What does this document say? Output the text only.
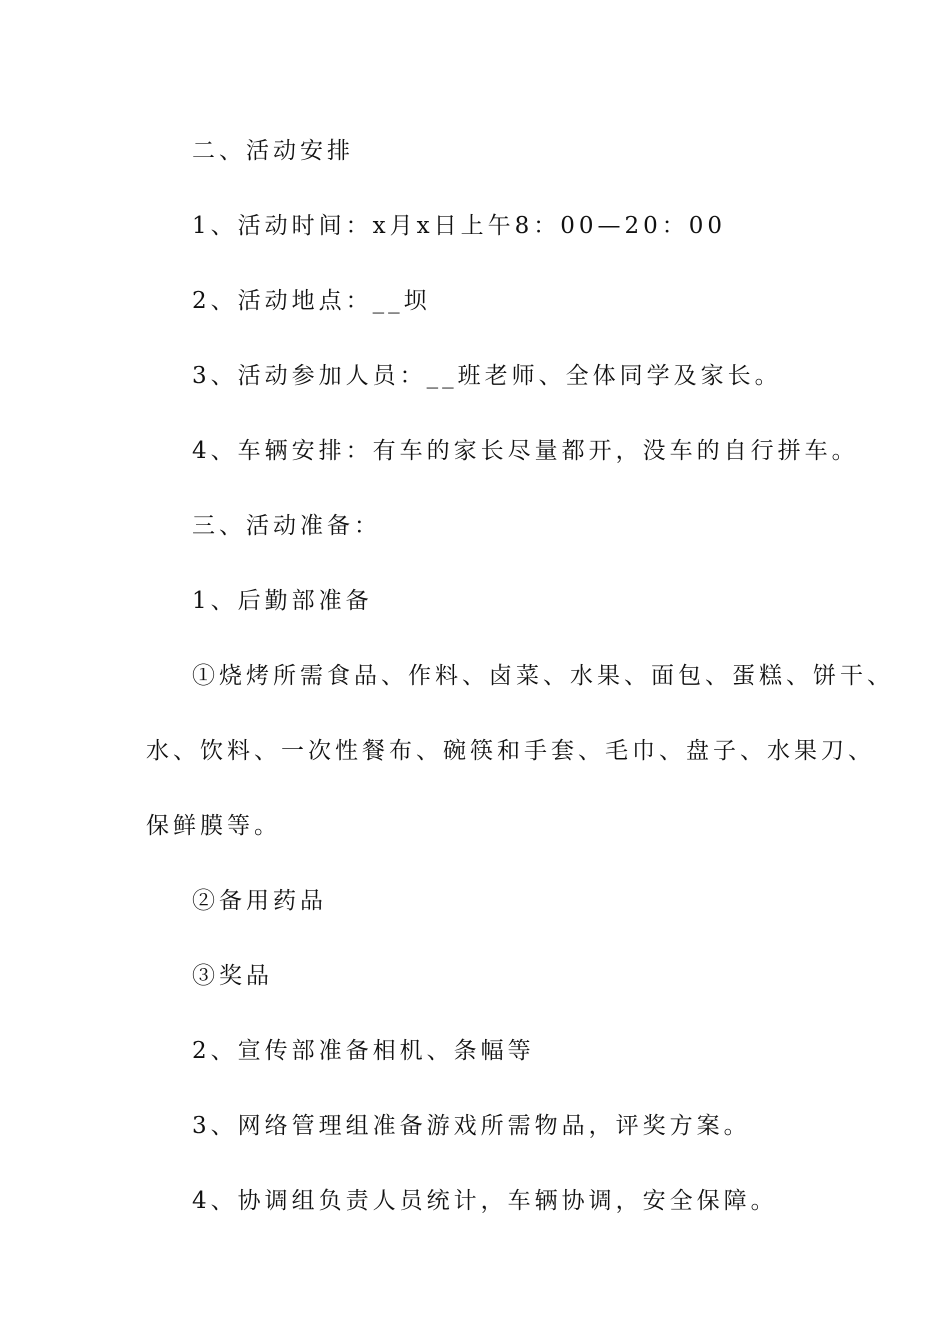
二、活动安排
1、活动时间：x月x日上午8：00—20：00
2、活动地点：__坝
3、活动参加人员：__班老师、全体同学及家长。
4、车辆安排：有车的家长尽量都开，没车的自行拼车。
三、活动准备：
1、后勤部准备
①烧烤所需食品、作料、卤菜、水果、面包、蛋糕、饼干、
水、饮料、一次性餐布、碗筷和手套、毛巾、盘子、水果刀、
保鲜膜等。
②备用药品
③奖品
2、宣传部准备相机、条幅等
3、网络管理组准备游戏所需物品，评奖方案。
4、协调组负责人员统计，车辆协调，安全保障。
